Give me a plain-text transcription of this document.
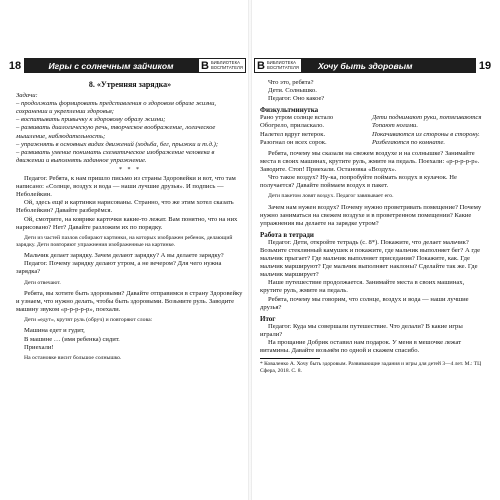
18	Игры с солнечным зайчиком	В БИБЛИОТЕКА
ВОСПИТАТЕЛЯ

8. «Утренняя зарядка»

Задачи:

– продолжать формировать представления о здоровом образе жизни, сохранении и укреплении здоровья;

– воспитывать привычку к здоровому образу жизни;

– развивать диалогическую речь, творческое воображение, логическое мышление, наблюдательность;

– упражнять в основных видах движений (ходьба, бег, прыжки и т.д.);

– развивать умение понимать схематическое изображение человека в движении и выполнять заданное упражнение.

* * *

Педагог. Ребята, к нам пришло письмо из страны Здоровейки и вот, что там написано: «Солнце, воздух и вода — наши лучшие друзья». И подпись — Неболейкин.

Ой, здесь ещё и картинки нарисованы. Странно, что же этим хотел сказать Неболейкин? Давайте разберёмся.

Ой, смотрите, на коврике карточки какие-то лежат. Вам понятно, что на них нарисовано? Нет? Давайте разложим их по порядку.

Дети из частей пазлов собирают картинки, на которых изображен ребенок, делающий зарядку. Дети повторяют упражнения изображенные на картинке.

Мальчик делает зарядку. Зачем делают зарядку? А вы делаете зарядку?

Педагог. Почему зарядку делают утром, а не вечером? Для чего нужна зарядка?

Дети отвечают.

Ребята, вы хотите быть здоровыми? Давайте отправимся в страну Здоровейку и узнаем, что нужно делать, чтобы быть здоровыми. Возьмите руль. Заводите машину звуком «р-р-р-р-р», поехали.

Дети «едут», крутят руль (обруч) и повторяют слова:

Машина едет и гудит,

В машине … (имя ребенка) сидит.

Приехали!

На остановке висит большое солнышко.

В БИБЛИОТЕКА
ВОСПИТАТЕЛЯ	Хочу быть здоровым	19

Что это, ребята?

Дети. Солнышко.

Педагог. Оно какое?

Физкультминутка

Рано утром солнце встало	Дети поднимают руки, потягиваются
Обогрело, приласкало.	Топают ногами.
Налетел вдруг ветерок.	Покачиваются из стороны в сторону.
Разогнал он всех сорок.	Разбегаются по комнате.

Ребята, почему мы сказали на свежем воздухе и на солнышке? Занимайте места в своих машинах, крутите руль, жмите на педаль. Поехали: «р-р-р-р-р». Заводите. Стоп! Приехали. Остановка «Воздух».

Что такое воздух? Ну-ка, попробуйте поймать воздух в кулачок. Не получается? Давайте поймаем воздух в пакет.

Дети пакетом ловят воздух. Педагог завязывает его.

Зачем нам нужен воздух? Почему нужно проветривать помещение? Почему нужно заниматься на свежем воздухе и в проветренном помещении? Какие упражнения вы делаете на зарядке утром?

Работа в тетради

Педагог. Дети, откройте тетрадь (с. 8*). Покажите, что делает мальчик? Возьмите стеклянный камушек и покажите, где мальчик выполняет бег? А где мальчик прыгает? Где мальчик выполняет приседания? Покажите, как. Где мальчик маршируют? Где мальчик выполняет наклоны? Сделайте так же. Где мальчик марширует?

Наше путешествие продолжается. Занимайте места в своих машинах, крутите руль, жмите на педаль.

Ребята, почему мы говорим, что солнце, воздух и вода — наши лучшие друзья?

Итог

Педагог. Куда мы совершали путешествие. Что делали? В какие игры играли?

На прощание Добрик оставил нам подарок. У меня в мешочке лежат витамины. Давайте возьмём по одной и скажем спасибо.

* Коваленко А. Хочу быть здоровым. Развивающие задания и игры для детей 3—4 лет. М.: ТЦ Сфера, 2018. С. 8.
